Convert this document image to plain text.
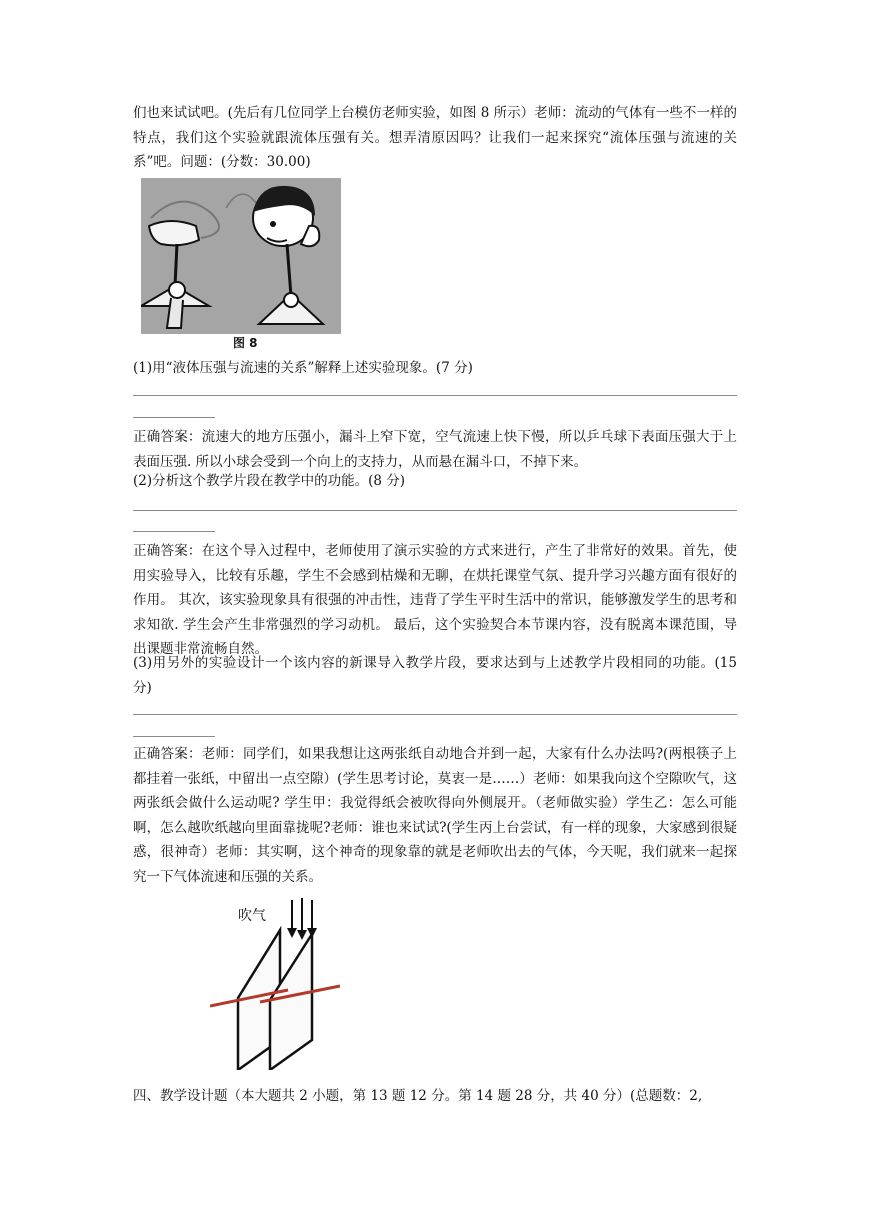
们也来试试吧。(先后有几位同学上台模仿老师实验，如图 8 所示）老师：流动的气体有一些不一样的特点，我们这个实验就跟流体压强有关。想弄清原因吗？让我们一起来探究“流体压强与流速的关系”吧。问题：(分数：30.00)

图 8

(1)用“液体压强与流速的关系”解释上述实验现象。(7 分)

正确答案：流速大的地方压强小，漏斗上窄下宽，空气流速上快下慢，所以乒乓球下表面压强大于上表面压强. 所以小球会受到一个向上的支持力，从而悬在漏斗口，不掉下来。

(2)分析这个教学片段在教学中的功能。(8 分)

正确答案：在这个导入过程中，老师使用了演示实验的方式来进行，产生了非常好的效果。首先，使用实验导入，比较有乐趣，学生不会感到枯燥和无聊，在烘托课堂气氛、提升学习兴趣方面有很好的作用。 其次，该实验现象具有很强的冲击性，违背了学生平时生活中的常识，能够激发学生的思考和求知欲. 学生会产生非常强烈的学习动机。 最后，这个实验契合本节课内容，没有脱离本课范围，导出课题非常流畅自然。

(3)用另外的实验设计一个该内容的新课导入教学片段，要求达到与上述教学片段相同的功能。(15 分)

正确答案：老师：同学们，如果我想让这两张纸自动地合并到一起，大家有什么办法吗?(两根筷子上都挂着一张纸，中留出一点空隙）(学生思考讨论，莫衷一是……）老师：如果我向这个空隙吹气，这两张纸会做什么运动呢? 学生甲：我觉得纸会被吹得向外侧展开。（老师做实验）学生乙：怎么可能啊，怎么越吹纸越向里面靠拢呢?老师：谁也来试试?(学生丙上台尝试，有一样的现象，大家感到很疑惑，很神奇）老师：其实啊，这个神奇的现象靠的就是老师吹出去的气体，今天呢，我们就来一起探究一下气体流速和压强的关系。

吹气

四、教学设计题（本大题共 2 小题，第 13 题 12 分。第 14 题 28 分，共 40 分）(总题数：2,
